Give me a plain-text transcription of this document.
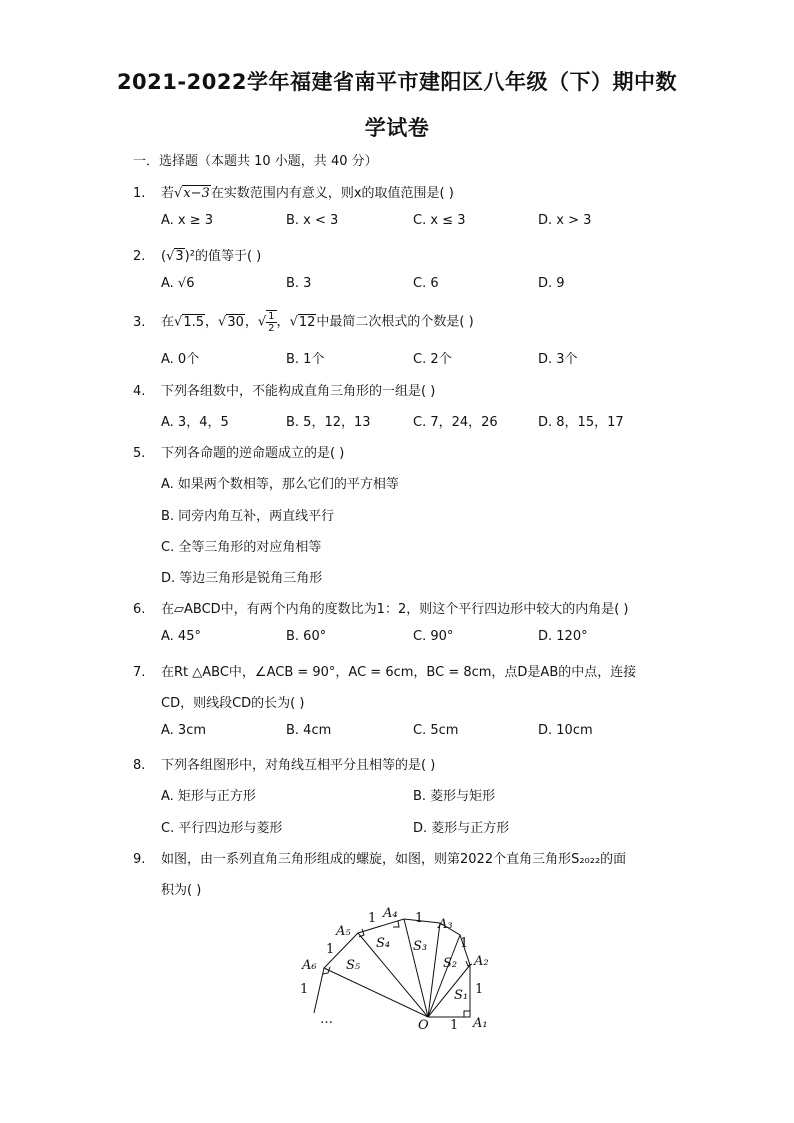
2021-2022学年福建省南平市建阳区八年级（下）期中数
学试卷
一．选择题（本题共 10 小题，共 40 分）
1. 若√x−3在实数范围内有意义，则x的取值范围是( )
A. x ≥ 3	B. x < 3	C. x ≤ 3	D. x > 3
2. (√3)²的值等于( )
A. √6	B. 3	C. 6	D. 9
3. 在√1.5，√30，√ $\frac{1}{2}$ ，√12中最简二次根式的个数是( )
A. 0个	B. 1个	C. 2个	D. 3个
4. 下列各组数中，不能构成直角三角形的一组是( )
A. 3，4，5	B. 5，12，13	C. 7，24，26	D. 8，15，17
5. 下列各命题的逆命题成立的是( )
A. 如果两个数相等，那么它们的平方相等
B. 同旁内角互补，两直线平行
C. 全等三角形的对应角相等
D. 等边三角形是锐角三角形
6. 在▱ABCD中，有两个内角的度数比为1：2，则这个平行四边形中较大的内角是( )
A. 45°	B. 60°	C. 90°	D. 120°
7. 在Rt △ABC中，∠ACB = 90°，AC = 6cm，BC = 8cm，点D是AB的中点，连接
CD，则线段CD的长为( )
A. 3cm	B. 4cm	C. 5cm	D. 10cm
8. 下列各组图形中，对角线互相平分且相等的是( )
A. 矩形与正方形	B. 菱形与矩形
C. 平行四边形与菱形	D. 菱形与正方形
9. 如图，由一系列直角三角形组成的螺旋，如图，则第2022个直角三角形S₂₀₂₂的面
积为( )
O	A₁
A₂
A₃
A₄
A₅
A₆
S₁
S₂
S₃
S₄
S₅
1
1
1
1
1
1
1
…
